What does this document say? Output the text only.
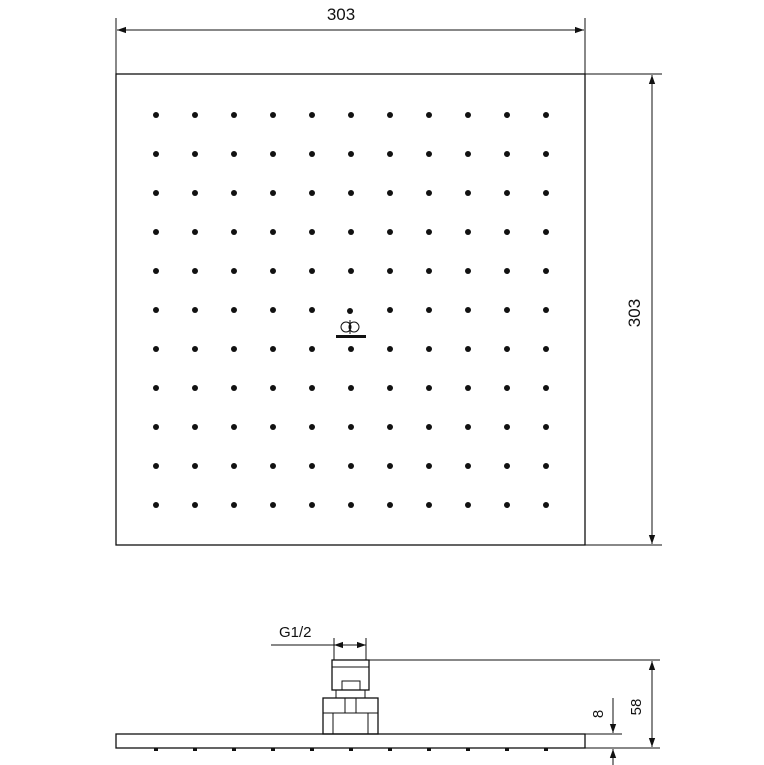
303
303
G1/2
58
8
